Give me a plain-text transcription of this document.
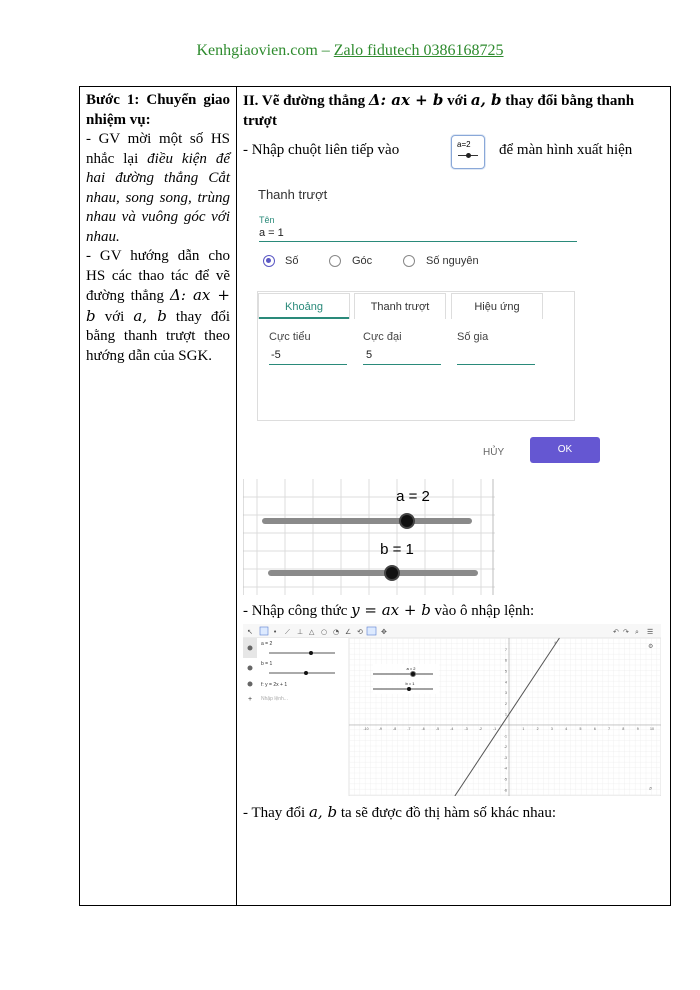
Kenhgiaovien.com – Zalo fidutech 0386168725

Bước 1: Chuyển giao nhiệm vụ:

- GV mời một số HS nhắc lại điều kiện để hai đường thẳng Cắt nhau, song song, trùng nhau và vuông góc với nhau.

- GV hướng dẫn cho HS các thao tác để vẽ đường thẳng Δ: ax + b với a, b thay đổi bằng thanh trượt theo hướng dẫn của SGK.

II. Vẽ đường thẳng Δ: ax + b với a, b thay đổi bằng thanh trượt
- Nhập chuột liên tiếp vào	để màn hình xuất hiện
a=2
Thanh trượt
Tên
a = 1
Số	Góc	Số nguyên
Khoảng	Thanh trượt	Hiệu ứng
Cực tiểu
-5
Cực đại
5
Số gia
HỦY	OK
a = 2
b = 1
- Nhập công thức y = ax + b vào ô nhập lệnh:
↖	• ⟋ ⊥ △ ○ ◔ ∠ ⟲	✥	↶ ↷ ⌕ ☰
a = 2
b = 1
f: y = 2x + 1
+ Nhập lệnh...
-10	-9	-8	-7	-6	-5	-4	-3	-2	-1	1	2	3	4	5	6	7	8	9	10
7
6
5
4
3
2
1
-1
-2
-3
-4
-5
-6
a = 2
b = 1
f
⚙
⌕
- Thay đổi a, b ta sẽ được đồ thị hàm số khác nhau:
